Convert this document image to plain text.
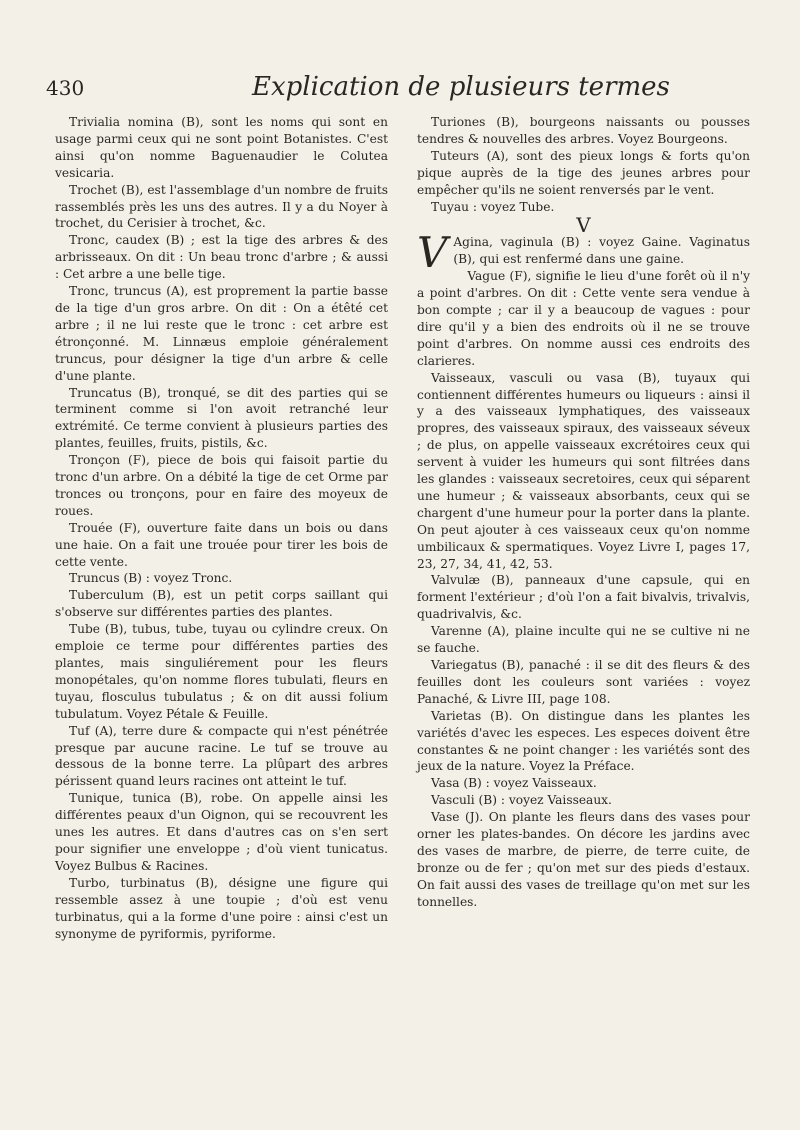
430	Explication de plusieurs termes

Trivialia nomina (B), sont les noms qui sont en usage parmi ceux qui ne sont point Botanistes. C'est ainsi qu'on nomme Baguenaudier le Colutea vesicaria.

Trochet (B), est l'assemblage d'un nombre de fruits rassemblés près les uns des autres. Il y a du Noyer à trochet, du Cerisier à trochet, &c.

Tronc, caudex (B) ; est la tige des arbres & des arbrisseaux. On dit : Un beau tronc d'arbre ; & aussi : Cet arbre a une belle tige.

Tronc, truncus (A), est proprement la partie basse de la tige d'un gros arbre. On dit : On a étêté cet arbre ; il ne lui reste que le tronc : cet arbre est étronçonné. M. Linnæus emploie généralement truncus, pour désigner la tige d'un arbre & celle d'une plante.

Truncatus (B), tronqué, se dit des parties qui se terminent comme si l'on avoit retranché leur extrémité. Ce terme convient à plusieurs parties des plantes, feuilles, fruits, pistils, &c.

Tronçon (F), piece de bois qui faisoit partie du tronc d'un arbre. On a débité la tige de cet Orme par tronces ou tronçons, pour en faire des moyeux de roues.

Trouée (F), ouverture faite dans un bois ou dans une haie. On a fait une trouée pour tirer les bois de cette vente.

Truncus (B) : voyez Tronc.

Tuberculum (B), est un petit corps saillant qui s'observe sur différentes parties des plantes.

Tube (B), tubus, tube, tuyau ou cylindre creux. On emploie ce terme pour différentes parties des plantes, mais singuliérement pour les fleurs monopétales, qu'on nomme flores tubulati, fleurs en tuyau, flosculus tubulatus ; & on dit aussi folium tubulatum. Voyez Pétale & Feuille.

Tuf (A), terre dure & compacte qui n'est pénétrée presque par aucune racine. Le tuf se trouve au dessous de la bonne terre. La plûpart des arbres périssent quand leurs racines ont atteint le tuf.

Tunique, tunica (B), robe. On appelle ainsi les différentes peaux d'un Oignon, qui se recouvrent les unes les autres. Et dans d'autres cas on s'en sert pour signifier une enveloppe ; d'où vient tunicatus. Voyez Bulbus & Racines.

Turbo, turbinatus (B), désigne une figure qui ressemble assez à une toupie ; d'où est venu turbinatus, qui a la forme d'une poire : ainsi c'est un synonyme de pyriformis, pyriforme.

Turiones (B), bourgeons naissants ou pousses tendres & nouvelles des arbres. Voyez Bourgeons.

Tuteurs (A), sont des pieux longs & forts qu'on pique auprès de la tige des jeunes arbres pour empêcher qu'ils ne soient renversés par le vent.

Tuyau : voyez Tube.

V

V Agina, vaginula (B) : voyez Gaine. Vaginatus (B), qui est renfermé dans une gaine.

Vague (F), signifie le lieu d'une forêt où il n'y a point d'arbres. On dit : Cette vente sera vendue à bon compte ; car il y a beaucoup de vagues : pour dire qu'il y a bien des endroits où il ne se trouve point d'arbres. On nomme aussi ces endroits des clarieres.

Vaisseaux, vasculi ou vasa (B), tuyaux qui contiennent différentes humeurs ou liqueurs : ainsi il y a des vaisseaux lymphatiques, des vaisseaux propres, des vaisseaux spiraux, des vaisseaux séveux ; de plus, on appelle vaisseaux excrétoires ceux qui servent à vuider les humeurs qui sont filtrées dans les glandes : vaisseaux secretoires, ceux qui séparent une humeur ; & vaisseaux absorbants, ceux qui se chargent d'une humeur pour la porter dans la plante. On peut ajouter à ces vaisseaux ceux qu'on nomme umbilicaux & spermatiques. Voyez Livre I, pages 17, 23, 27, 34, 41, 42, 53.

Valvulæ (B), panneaux d'une capsule, qui en forment l'extérieur ; d'où l'on a fait bivalvis, trivalvis, quadrivalvis, &c.

Varenne (A), plaine inculte qui ne se cultive ni ne se fauche.

Variegatus (B), panaché : il se dit des fleurs & des feuilles dont les couleurs sont variées : voyez Panaché, & Livre III, page 108.

Varietas (B). On distingue dans les plantes les variétés d'avec les especes. Les especes doivent être constantes & ne point changer : les variétés sont des jeux de la nature. Voyez la Préface.

Vasa (B) : voyez Vaisseaux.

Vasculi (B) : voyez Vaisseaux.

Vase (J). On plante les fleurs dans des vases pour orner les plates-bandes. On décore les jardins avec des vases de marbre, de pierre, de terre cuite, de bronze ou de fer ; qu'on met sur des pieds d'estaux. On fait aussi des vases de treillage qu'on met sur les tonnelles.
